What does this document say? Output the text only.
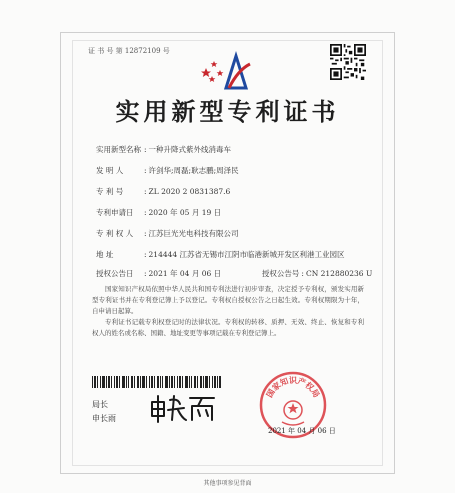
证 书 号 第 12872109 号
实用新型专利证书
实用新型名称 : 一种升降式紫外线消毒车
发 明 人	: 许剑华;周磊;耿志鹏;周泽民
专 利 号	: ZL 2020 2 0831387.6
专利申请日 : 2020 年 05 月 19 日
专 利 权 人 : 江苏巨光光电科技有限公司
地 址	: 214444 江苏省无锡市江阴市临港新城开发区利港工业园区
授权公告日 : 2021 年 04 月 06 日	授权公告号 : CN 212880236 U

国家知识产权局依照中华人民共和国专利法进行初步审查，决定授予专利权，颁发实用新型专利证书并在专利登记簿上予以登记。专利权自授权公告之日起生效。专利权期限为十年，自申请日起算。

专利证书记载专利权登记时的法律状况。专利权的转移、质押、无效、终止、恢复和专利权人的姓名或名称、国籍、地址变更等事项记载在专利登记簿上。

局长
申长雨
国家知识产权局
2021 年 04 月 06 日
其他事项参见背面
